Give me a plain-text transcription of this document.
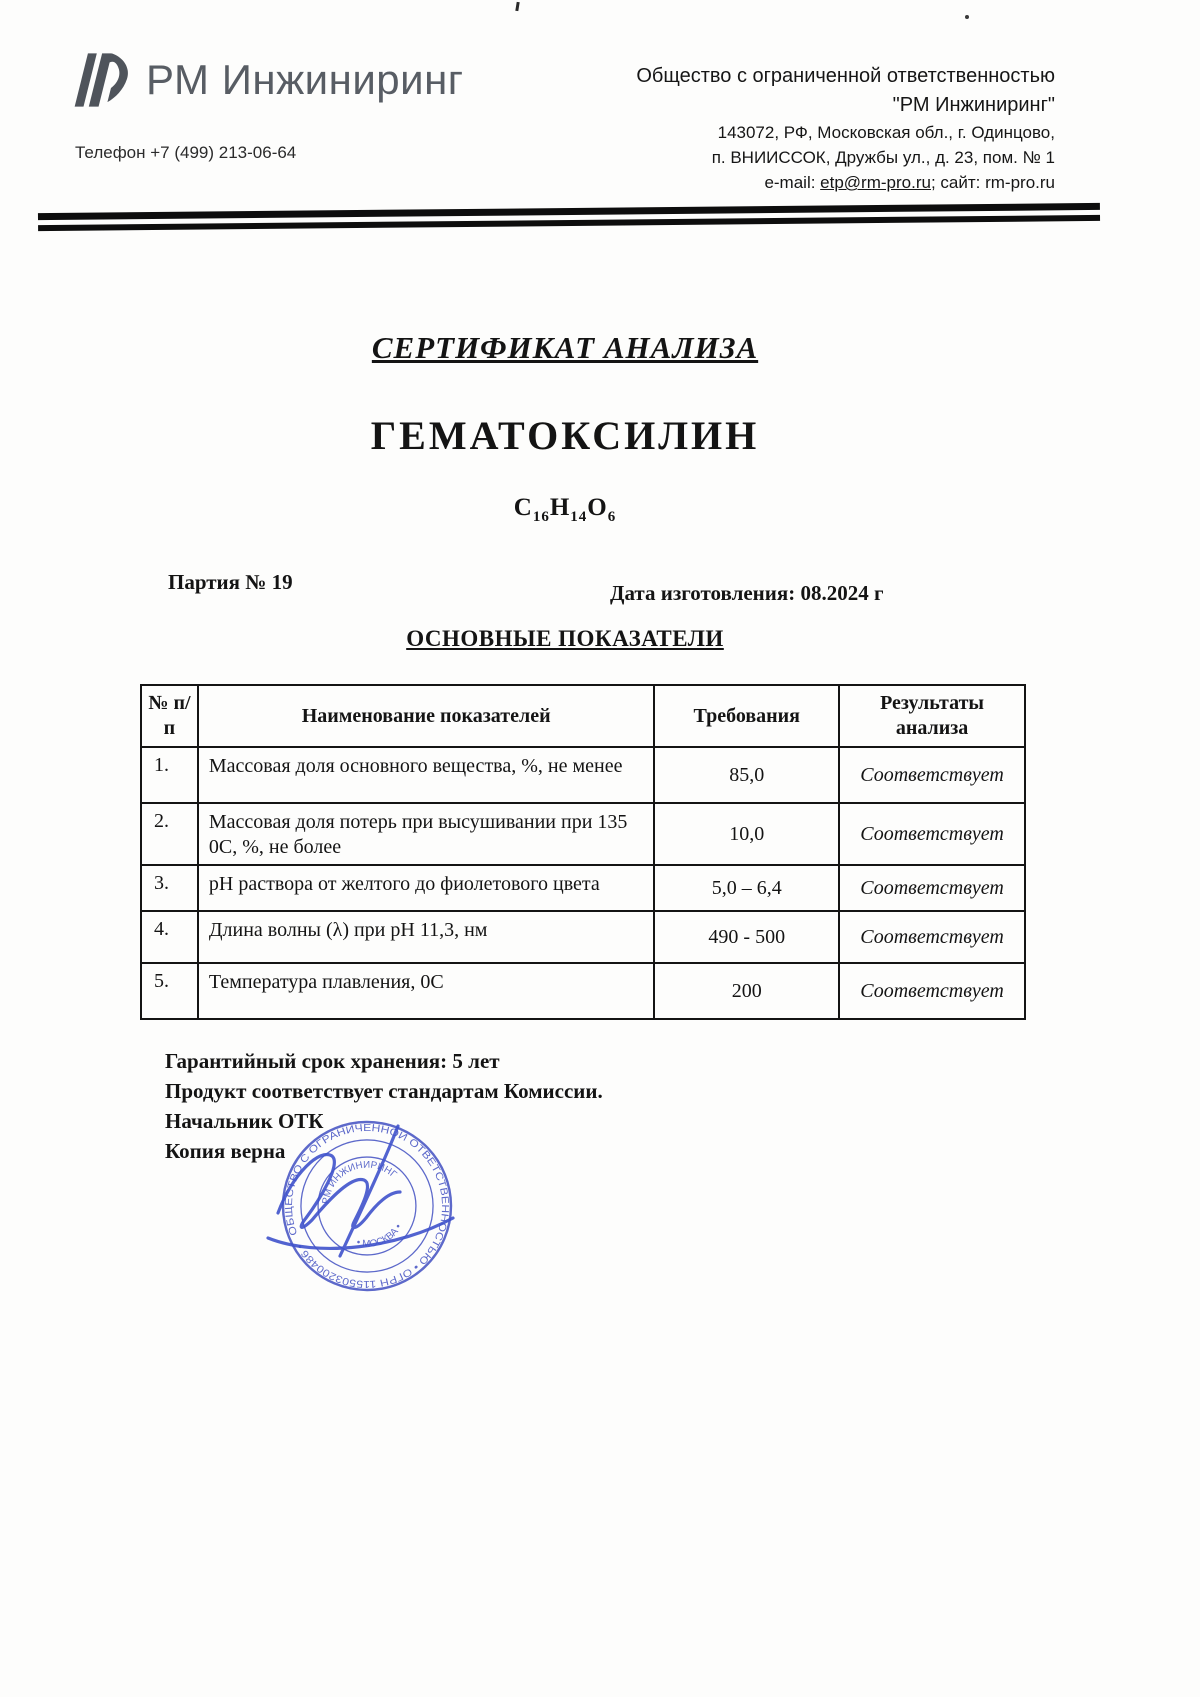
РМ Инжиниринг
Телефон +7 (499) 213-06-64
Общество с ограниченной ответственностью
"РМ Инжиниринг"
143072, РФ, Московская обл., г. Одинцово,
п. ВНИИССОК, Дружбы ул., д. 23, пом. № 1
e-mail: etp@rm-pro.ru; сайт: rm-pro.ru
СЕРТИФИКАТ АНАЛИЗА
ГЕМАТОКСИЛИН
$C_{16}H_{14}O_6$
Партия № 19	Дата изготовления: 08.2024 г
ОСНОВНЫЕ ПОКАЗАТЕЛИ
№ п/п	Наименование показателей	Требования	Результаты анализа
1.	Массовая доля основного вещества, %, не менее	85,0	Соответствует
2.	Массовая доля потерь при высушивании при 135 0С, %, не более	10,0	Соответствует
3.	рН раствора от желтого до фиолетового цвета	5,0 – 6,4	Соответствует
4.	Длина волны (λ) при рН 11,3, нм	490 - 500	Соответствует
5.	Температура плавления, 0С	200	Соответствует
Гарантийный срок хранения: 5 лет
Продукт соответствует стандартам Комиссии.
Начальник ОТК
Копия верна
ОБЩЕСТВО С ОГРАНИЧЕННОЙ ОТВЕТСТВЕННОСТЬЮ • ОГРН 115503200486 •
РМ ИНЖИНИРИНГ
• МОСКВА •
